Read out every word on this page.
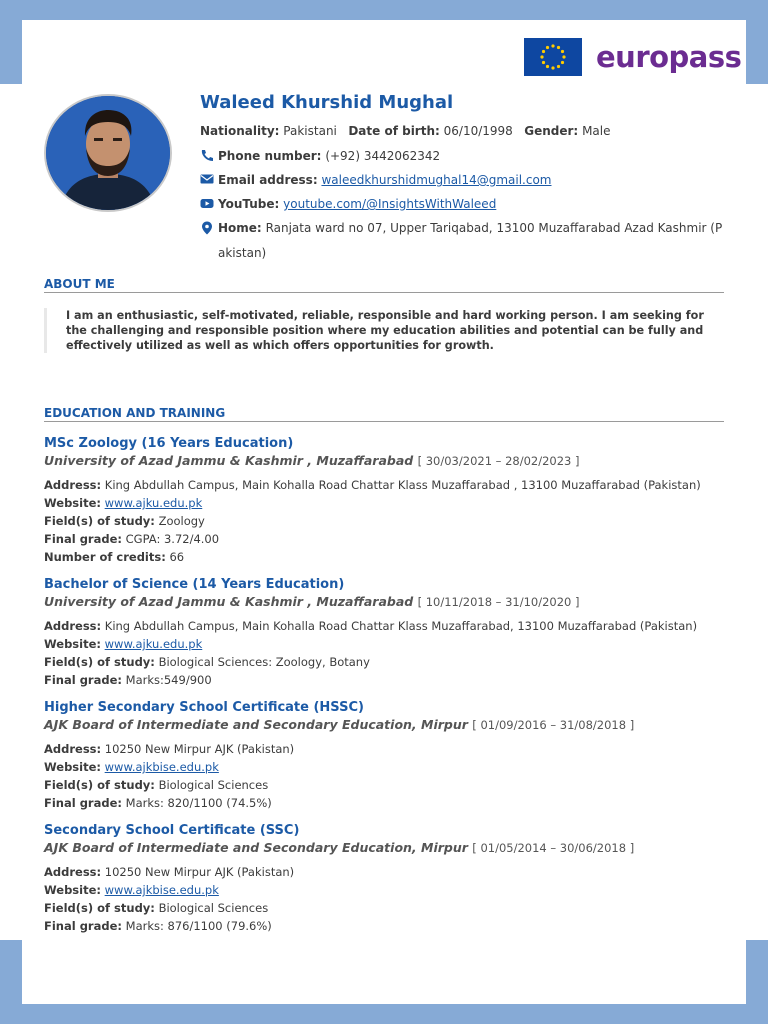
europass
Waleed Khurshid Mughal
Nationality: Pakistani Date of birth: 06/10/1998 Gender: Male
Phone number: (+92) 3442062342
Email address: waleedkhurshidmughal14@gmail.com
YouTube: youtube.com/@InsightsWithWaleed
Home: Ranjata ward no 07, Upper Tariqabad, 13100 Muzaffarabad Azad Kashmir (P
akistan)
ABOUT ME
I am an enthusiastic, self-motivated, reliable, responsible and hard working person. I am seeking for the challenging and responsible position where my education abilities and potential can be fully and effectively utilized as well as which offers opportunities for growth.
EDUCATION AND TRAINING
MSc Zoology (16 Years Education)
University of Azad Jammu & Kashmir , Muzaffarabad [ 30/03/2021 – 28/02/2023 ]
Address: King Abdullah Campus, Main Kohalla Road Chattar Klass Muzaffarabad , 13100 Muzaffarabad (Pakistan)
Website: www.ajku.edu.pk
Field(s) of study: Zoology
Final grade: CGPA: 3.72/4.00
Number of credits: 66
Bachelor of Science (14 Years Education)
University of Azad Jammu & Kashmir , Muzaffarabad [ 10/11/2018 – 31/10/2020 ]
Address: King Abdullah Campus, Main Kohalla Road Chattar Klass Muzaffarabad, 13100 Muzaffarabad (Pakistan)
Website: www.ajku.edu.pk
Field(s) of study: Biological Sciences: Zoology, Botany
Final grade: Marks:549/900
Higher Secondary School Certificate (HSSC)
AJK Board of Intermediate and Secondary Education, Mirpur [ 01/09/2016 – 31/08/2018 ]
Address: 10250 New Mirpur AJK (Pakistan)
Website: www.ajkbise.edu.pk
Field(s) of study: Biological Sciences
Final grade: Marks: 820/1100 (74.5%)
Secondary School Certificate (SSC)
AJK Board of Intermediate and Secondary Education, Mirpur [ 01/05/2014 – 30/06/2018 ]
Address: 10250 New Mirpur AJK (Pakistan)
Website: www.ajkbise.edu.pk
Field(s) of study: Biological Sciences
Final grade: Marks: 876/1100 (79.6%)
